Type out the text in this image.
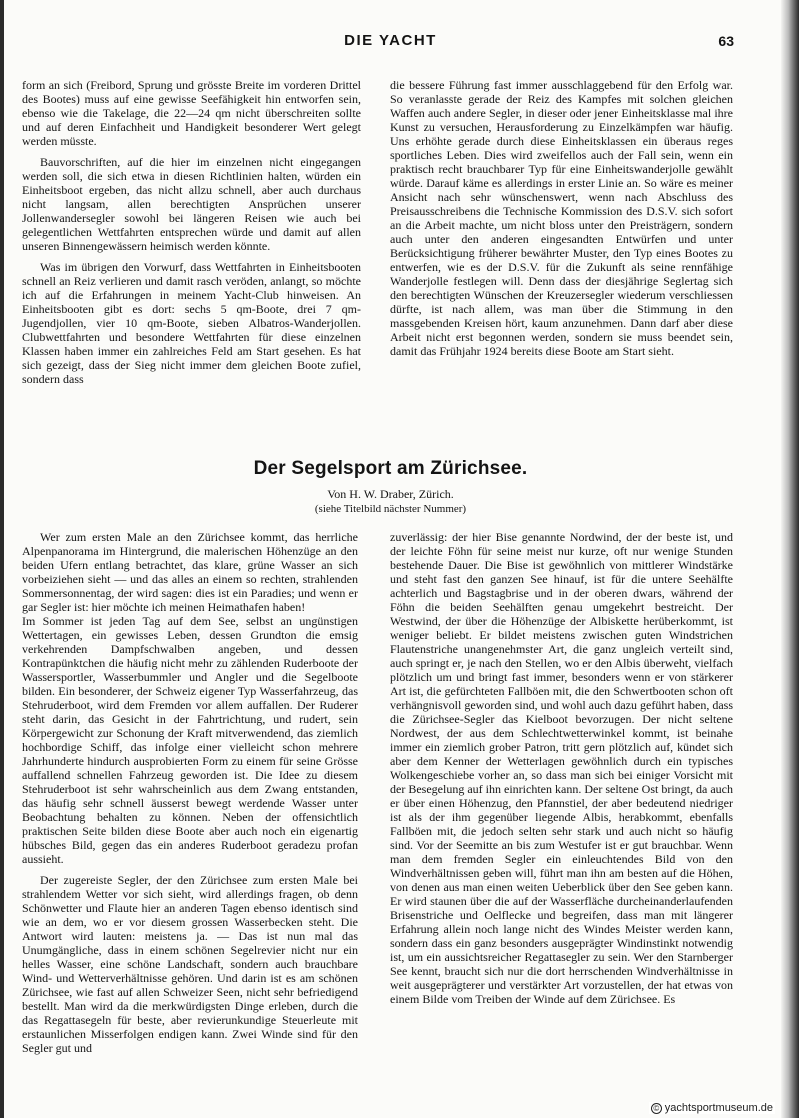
DIE YACHT	63

form an sich (Freibord, Sprung und grösste Breite im vorderen Drittel des Bootes) muss auf eine gewisse Seefähigkeit hin entworfen sein, ebenso wie die Takelage, die 22—24 qm nicht überschreiten sollte und auf deren Einfachheit und Handigkeit besonderer Wert gelegt werden müsste.

Bauvorschriften, auf die hier im einzelnen nicht eingegangen werden soll, die sich etwa in diesen Richtlinien halten, würden ein Einheitsboot ergeben, das nicht allzu schnell, aber auch durchaus nicht langsam, allen berechtigten Ansprüchen unserer Jollenwandersegler sowohl bei längeren Reisen wie auch bei gelegentlichen Wettfahrten entsprechen würde und damit auf allen unseren Binnengewässern heimisch werden könnte.

Was im übrigen den Vorwurf, dass Wettfahrten in Einheitsbooten schnell an Reiz verlieren und damit rasch veröden, anlangt, so möchte ich auf die Erfahrungen in meinem Yacht-Club hinweisen. An Einheitsbooten gibt es dort: sechs 5 qm-Boote, drei 7 qm-Jugendjollen, vier 10 qm-Boote, sieben Albatros-Wanderjollen. Clubwettfahrten und besondere Wettfahrten für diese einzelnen Klassen haben immer ein zahlreiches Feld am Start gesehen. Es hat sich gezeigt, dass der Sieg nicht immer dem gleichen Boote zufiel, sondern dass

die bessere Führung fast immer ausschlaggebend für den Erfolg war. So veranlasste gerade der Reiz des Kampfes mit solchen gleichen Waffen auch andere Segler, in dieser oder jener Einheitsklasse mal ihre Kunst zu versuchen, Herausforderung zu Einzelkämpfen war häufig. Uns erhöhte gerade durch diese Einheitsklassen ein überaus reges sportliches Leben. Dies wird zweifellos auch der Fall sein, wenn ein praktisch recht brauchbarer Typ für eine Einheitswanderjolle gewählt würde. Darauf käme es allerdings in erster Linie an. So wäre es meiner Ansicht nach sehr wünschenswert, wenn nach Abschluss des Preisausschreibens die Technische Kommission des D.S.V. sich sofort an die Arbeit machte, um nicht bloss unter den Preisträgern, sondern auch unter den anderen eingesandten Entwürfen und unter Berücksichtigung früherer bewährter Muster, den Typ eines Bootes zu entwerfen, wie es der D.S.V. für die Zukunft als seine rennfähige Wanderjolle festlegen will. Denn dass der diesjährige Seglertag sich den berechtigten Wünschen der Kreuzersegler wiederum verschliessen dürfte, ist nach allem, was man über die Stimmung in den massgebenden Kreisen hört, kaum anzunehmen. Dann darf aber diese Arbeit nicht erst begonnen werden, sondern sie muss beendet sein, damit das Frühjahr 1924 bereits diese Boote am Start sieht.

Der Segelsport am Zürichsee.
Von H. W. Draber, Zürich.
(siehe Titelbild nächster Nummer)

Wer zum ersten Male an den Zürichsee kommt, das herrliche Alpenpanorama im Hintergrund, die malerischen Höhenzüge an den beiden Ufern entlang betrachtet, das klare, grüne Wasser an sich vorbeiziehen sieht — und das alles an einem so rechten, strahlenden Sommersonnentag, der wird sagen: dies ist ein Paradies; und wenn er gar Segler ist: hier möchte ich meinen Heimathafen haben!

Im Sommer ist jeden Tag auf dem See, selbst an ungünstigen Wettertagen, ein gewisses Leben, dessen Grundton die emsig verkehrenden Dampfschwalben angeben, und dessen Kontrapünktchen die häufig nicht mehr zu zählenden Ruderboote der Wassersportler, Wasserbummler und Angler und die Segelboote bilden. Ein besonderer, der Schweiz eigener Typ Wasserfahrzeug, das Stehruderboot, wird dem Fremden vor allem auffallen. Der Ruderer steht darin, das Gesicht in der Fahrtrichtung, und rudert, sein Körpergewicht zur Schonung der Kraft mitverwendend, das ziemlich hochbordige Schiff, das infolge einer vielleicht schon mehrere Jahrhunderte hindurch ausprobierten Form zu einem für seine Grösse auffallend schnellen Fahrzeug geworden ist. Die Idee zu diesem Stehruderboot ist sehr wahrscheinlich aus dem Zwang entstanden, das häufig sehr schnell äusserst bewegt werdende Wasser unter Beobachtung behalten zu können. Neben der offensichtlich praktischen Seite bilden diese Boote aber auch noch ein eigenartig hübsches Bild, gegen das ein anderes Ruderboot geradezu profan aussieht.

Der zugereiste Segler, der den Zürichsee zum ersten Male bei strahlendem Wetter vor sich sieht, wird allerdings fragen, ob denn Schönwetter und Flaute hier an anderen Tagen ebenso identisch sind wie an dem, wo er vor diesem grossen Wasserbecken steht. Die Antwort wird lauten: meistens ja. — Das ist nun mal das Unumgängliche, dass in einem schönen Segelrevier nicht nur ein helles Wasser, eine schöne Landschaft, sondern auch brauchbare Wind- und Wetterverhältnisse gehören. Und darin ist es am schönen Zürichsee, wie fast auf allen Schweizer Seen, nicht sehr befriedigend bestellt. Man wird da die merkwürdigsten Dinge erleben, durch die das Regattasegeln für beste, aber revierunkundige Steuerleute mit erstaunlichen Misserfolgen endigen kann. Zwei Winde sind für den Segler gut und

zuverlässig: der hier Bise genannte Nordwind, der der beste ist, und der leichte Föhn für seine meist nur kurze, oft nur wenige Stunden bestehende Dauer. Die Bise ist gewöhnlich von mittlerer Windstärke und steht fast den ganzen See hinauf, ist für die untere Seehälfte achterlich und Bagstagbrise und in der oberen dwars, während der Föhn die beiden Seehälften genau umgekehrt bestreicht. Der Westwind, der über die Höhenzüge der Albiskette herüberkommt, ist weniger beliebt. Er bildet meistens zwischen guten Windstrichen Flautenstriche unangenehmster Art, die ganz ungleich verteilt sind, auch springt er, je nach den Stellen, wo er den Albis überweht, vielfach plötzlich um und bringt fast immer, besonders wenn er von stärkerer Art ist, die gefürchteten Fallböen mit, die den Schwertbooten schon oft verhängnisvoll geworden sind, und wohl auch dazu geführt haben, dass die Zürichsee-Segler das Kielboot bevorzugen. Der nicht seltene Nordwest, der aus dem Schlechtwetterwinkel kommt, ist beinahe immer ein ziemlich grober Patron, tritt gern plötzlich auf, kündet sich aber dem Kenner der Wetterlagen gewöhnlich durch ein typisches Wolkengeschiebe vorher an, so dass man sich bei einiger Vorsicht mit der Besegelung auf ihn einrichten kann. Der seltene Ost bringt, da auch er über einen Höhenzug, den Pfannstiel, der aber bedeutend niedriger ist als der ihm gegenüber liegende Albis, herabkommt, ebenfalls Fallböen mit, die jedoch selten sehr stark und auch nicht so häufig sind. Vor der Seemitte an bis zum Westufer ist er gut brauchbar. Wenn man dem fremden Segler ein einleuchtendes Bild von den Windverhältnissen geben will, führt man ihn am besten auf die Höhen, von denen aus man einen weiten Ueberblick über den See geben kann. Er wird staunen über die auf der Wasserfläche durcheinanderlaufenden Brisenstriche und Oelflecke und begreifen, dass man mit längerer Erfahrung allein noch lange nicht des Windes Meister werden kann, sondern dass ein ganz besonders ausgeprägter Windinstinkt notwendig ist, um ein aussichtsreicher Regattasegler zu sein. Wer den Starnberger See kennt, braucht sich nur die dort herrschenden Windverhältnisse in weit ausgeprägterer und verstärkter Art vorzustellen, der hat etwas von einem Bilde vom Treiben der Winde auf dem Zürichsee. Es

© yachtsportmuseum.de
